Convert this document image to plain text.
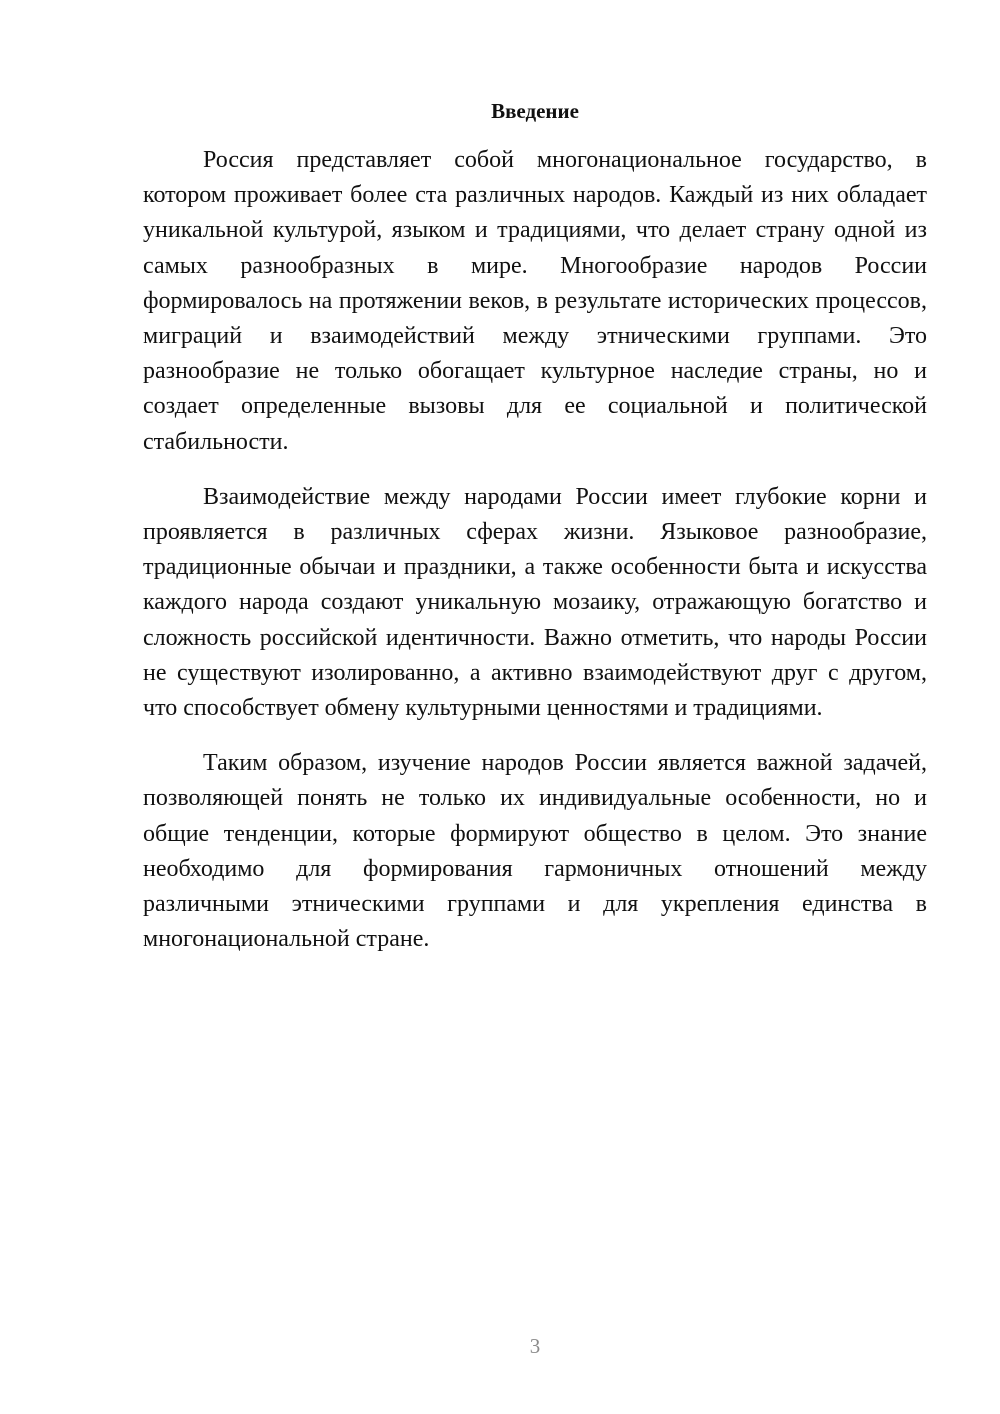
Введение

Россия представляет собой многонациональное государство, в котором проживает более ста различных народов. Каждый из них обладает уникальной культурой, языком и традициями, что делает страну одной из самых разнообразных в мире. Многообразие народов России формировалось на протяжении веков, в результате исторических процессов, миграций и взаимодействий между этническими группами. Это разнообразие не только обогащает культурное наследие страны, но и создает определенные вызовы для ее социальной и политической стабильности.

Взаимодействие между народами России имеет глубокие корни и проявляется в различных сферах жизни. Языковое разнообразие, традиционные обычаи и праздники, а также особенности быта и искусства каждого народа создают уникальную мозаику, отражающую богатство и сложность российской идентичности. Важно отметить, что народы России не существуют изолированно, а активно взаимодействуют друг с другом, что способствует обмену культурными ценностями и традициями.

Таким образом, изучение народов России является важной задачей, позволяющей понять не только их индивидуальные особенности, но и общие тенденции, которые формируют общество в целом. Это знание необходимо для формирования гармоничных отношений между различными этническими группами и для укрепления единства в многонациональной стране.

3
